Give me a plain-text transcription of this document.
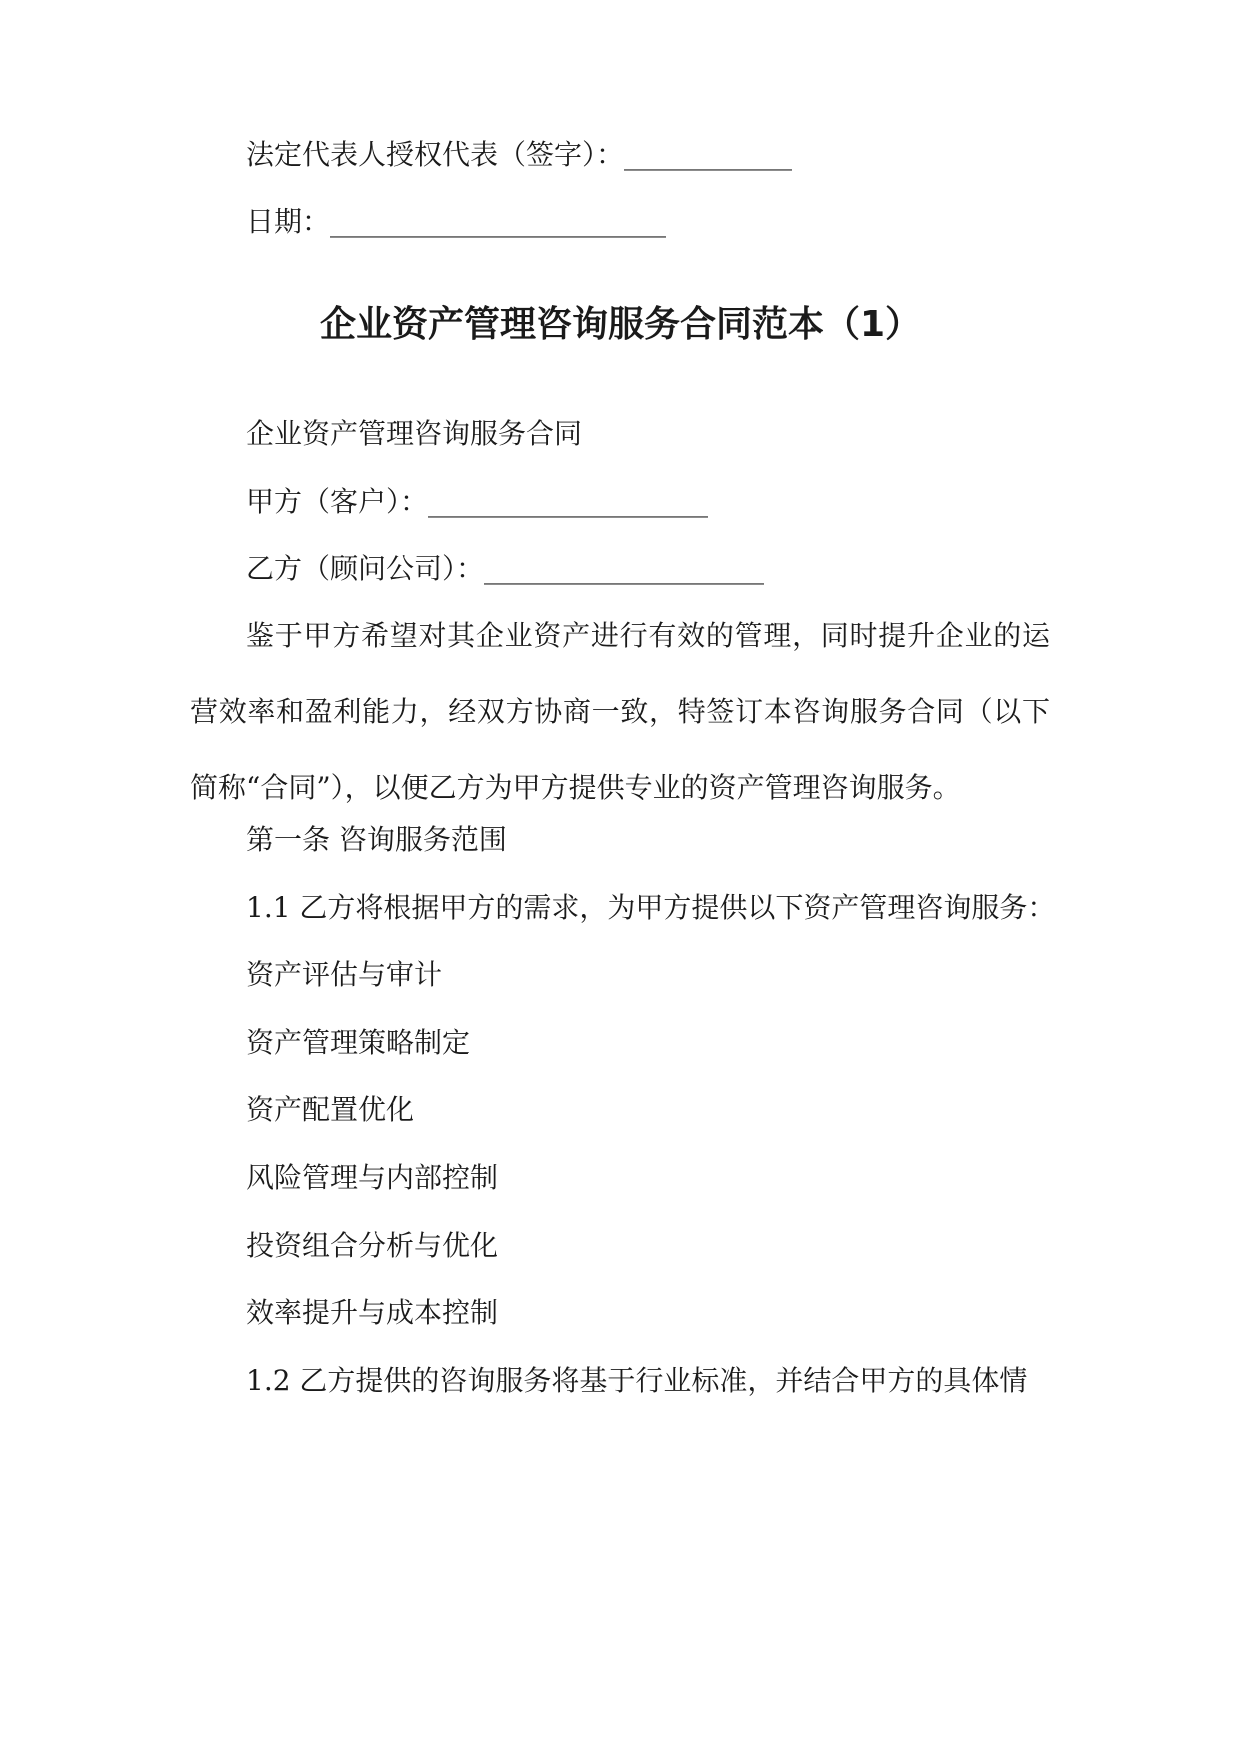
法定代表人授权代表（签字）：____________
日期：________________________
企业资产管理咨询服务合同范本（1）
企业资产管理咨询服务合同
甲方（客户）：____________________
乙方（顾问公司）：____________________
鉴于甲方希望对其企业资产进行有效的管理，同时提升企业的运营效率和盈利能力，经双方协商一致，特签订本咨询服务合同（以下简称“合同”），以便乙方为甲方提供专业的资产管理咨询服务。
第一条 咨询服务范围
1.1 乙方将根据甲方的需求，为甲方提供以下资产管理咨询服务：
资产评估与审计
资产管理策略制定
资产配置优化
风险管理与内部控制
投资组合分析与优化
效率提升与成本控制
1.2 乙方提供的咨询服务将基于行业标准，并结合甲方的具体情
